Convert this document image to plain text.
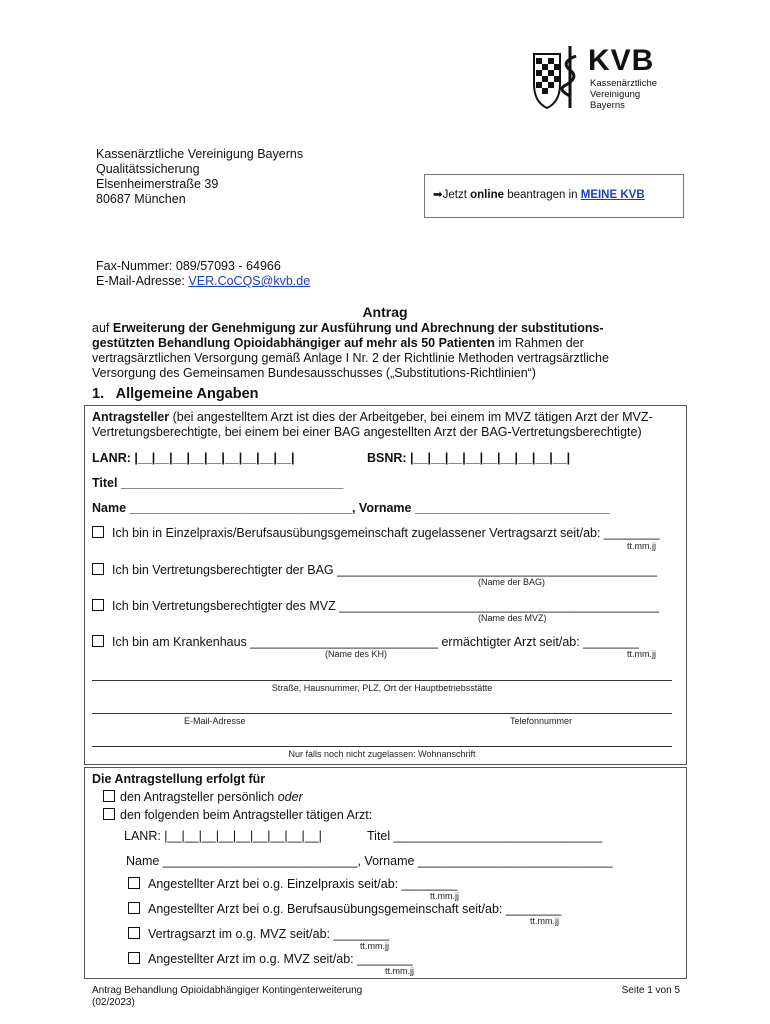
KVB
Kassenärztliche
Vereinigung
Bayerns
Kassenärztliche Vereinigung Bayerns
Qualitätssicherung
Elsenheimerstraße 39
80687 München	➡Jetzt online beantragen in MEINE KVB
Fax-Nummer: 089/57093 - 64966
E-Mail-Adresse: VER.CoCQS@kvb.de
Antrag
auf Erweiterung der Genehmigung zur Ausführung und Abrechnung der substitutions-
gestützten Behandlung Opioidabhängiger auf mehr als 50 Patienten im Rahmen der
vertragsärztlichen Versorgung gemäß Anlage I Nr. 2 der Richtlinie Methoden vertragsärztliche
Versorgung des Gemeinsamen Bundesausschusses („Substitutions-Richtlinien“)
1.   Allgemeine Angaben
Antragsteller (bei angestelltem Arzt ist dies der Arbeitgeber, bei einem im MVZ tätigen Arzt der MVZ-
Vertretungsberechtigte, bei einem bei einer BAG angestellten Arzt der BAG-Vertretungsberechtigte)
LANR: |__|__|__|__|__|__|__|__|__|	BSNR: |__|__|__|__|__|__|__|__|__|
Titel ________________________________
Name ________________________________, Vorname ____________________________
Ich bin in Einzelpraxis/Berufsausübungsgemeinschaft zugelassener Vertragsarzt seit/ab: ________
tt.mm.jj
Ich bin Vertretungsberechtigter der BAG ______________________________________________
(Name der BAG)
Ich bin Vertretungsberechtigter des MVZ ______________________________________________
(Name des MVZ)
Ich bin am Krankenhaus ___________________________ ermächtigter Arzt seit/ab: ________
(Name des KH)	tt.mm.jj
Straße, Hausnummer, PLZ, Ort der Hauptbetriebsstätte
E-Mail-Adresse	Telefonnummer
Nur falls noch nicht zugelassen: Wohnanschrift
Die Antragstellung erfolgt für
den Antragsteller persönlich oder
den folgenden beim Antragsteller tätigen Arzt:
LANR: |__|__|__|__|__|__|__|__|__|	Titel ______________________________
Name ____________________________, Vorname ____________________________
Angestellter Arzt bei o.g. Einzelpraxis seit/ab: ________
tt.mm.jj
Angestellter Arzt bei o.g. Berufsausübungsgemeinschaft seit/ab: ________
tt.mm.jj
Vertragsarzt im o.g. MVZ seit/ab: ________
tt.mm.jj
Angestellter Arzt im o.g. MVZ seit/ab: ________
tt.mm.jj
Antrag Behandlung Opioidabhängiger Kontingenterweiterung
(02/2023)
Seite 1 von 5
